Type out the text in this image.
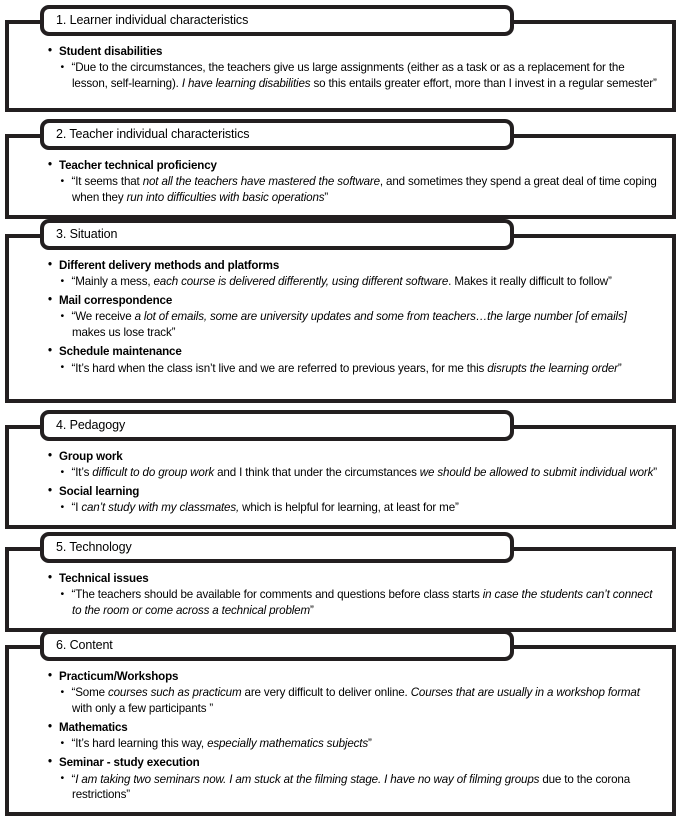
1. Learner individual characteristics
• Student disabilities
• “Due to the circumstances, the teachers give us large assignments (either as a task or as a replacement for the lesson, self-learning). I have learning disabilities so this entails greater effort, more than I invest in a regular semester”
2. Teacher individual characteristics
• Teacher technical proficiency
• “It seems that not all the teachers have mastered the software, and sometimes they spend a great deal of time coping when they run into difficulties with basic operations”
3. Situation
• Different delivery methods and platforms
• “Mainly a mess, each course is delivered differently, using different software. Makes it really difficult to follow”
• Mail correspondence
• “We receive a lot of emails, some are university updates and some from teachers…the large number [of emails] makes us lose track”
• Schedule maintenance
• “It’s hard when the class isn’t live and we are referred to previous years, for me this disrupts the learning order”
4. Pedagogy
• Group work
• “It’s difficult to do group work and I think that under the circumstances we should be allowed to submit individual work”
• Social learning
• “I can’t study with my classmates, which is helpful for learning, at least for me”
5. Technology
• Technical issues
• “The teachers should be available for comments and questions before class starts in case the students can’t connect to the room or come across a technical problem”
6. Content
• Practicum/Workshops
• “Some courses such as practicum are very difficult to deliver online. Courses that are usually in a workshop format with only a few participants ”
• Mathematics
• “It’s hard learning this way, especially mathematics subjects”
• Seminar - study execution
• “I am taking two seminars now. I am stuck at the filming stage. I have no way of filming groups due to the corona restrictions”
